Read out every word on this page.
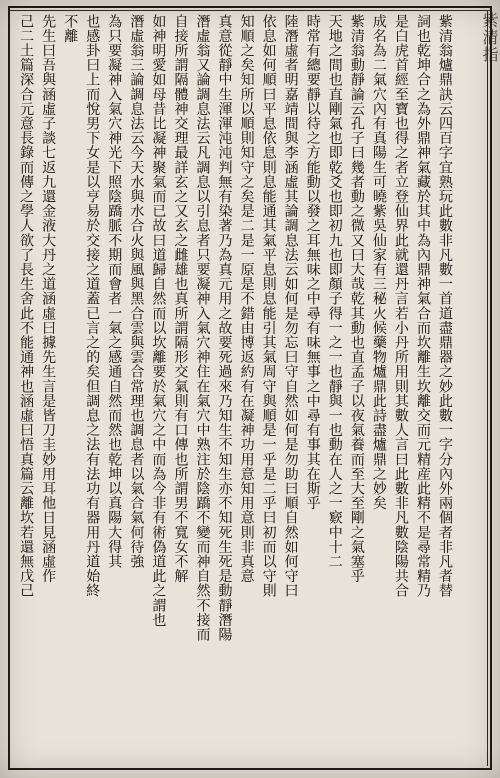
紫清指
紫清翁爐鼎訣云四百字宜熟玩此數非凡數一首道盡鼎器之妙此數一字分內外兩個者非凡者替
詞也乾坤合之為外鼎神氣藏於其中為內鼎神氣合而坎離生坎離交而元精産此精不是尋常精乃
是白虎首經至寶也得之者立登仙界此就還丹言若小丹所用則其數人言曰此數非凡數陰陽共合
成名為二氣穴內有真陽生可曉紫吳仙家有三秘火候藥物爐鼎此詩盡爐鼎之妙矣
紫清翁動靜論云孔子曰幾者動之微又曰大哉乾其動也直孟子以夜氣養而至大至剛之氣塞乎
天地之間也直剛氣也即乾爻也即初九也即顏子得一之一也靜與一也動在人之一窽中十二
時常有總要靜以待之方能動以發之耳無味之中尋有味無事之中尋有事其在斯乎
陸潛虛者明嘉靖間與李涵虛其論調息法云如何是勿忘曰守自然如何是勿助曰順自然如何守曰
依息如何順曰平息依息則息能通其氣平息則息能引其氣周守與順是一乎是二乎曰初而以守則
知順之矣知所以順則知守之矣是二是一原是不錯由博返約有在凝神功用意知用意則非真意
真意從靜中生渾渾沌沌判無有染著乃為真元用之故要死過來乃知生不知生亦不知死生死是動靜潛陽
潛虛翁又論調息法云凡調息以引息者只要凝神入氣穴神住在氣穴中熟注於陰蹻不變而神自然不接而
自接所謂隔體神交理最詳玄之又玄之雌雄也真所謂隔形交氣則有口傳也所謂男不寬女不解
如神明愛如母昔比凝神聚氣而已故曰道歸自然而以坎離要於氣穴之中而為今非有術偽道此之謂也
潛虛翁三論調息法云今天水與水合火與風與黑合雲與雲合常理也調息者以氣合氣何待強
為只要凝神入氣穴神光下照陰蹻脈不期而會者一氣之感通自然而然也乾坤以真陽大得其
也感卦曰上而悅男下女是以亨易於交接之道蓋已言之的矣但調息之法有法功有器用丹道始終
不離
先生曰吾與涵虛子談七返九還金液大丹之道涵虛曰據先生言是皆刀圭妙用耳他日見涵虛作
己二土篇深合元意長錄而傳之學人欲了長生舍此不能通神也涵虛曰悟真篇云離坎若還無戊己
